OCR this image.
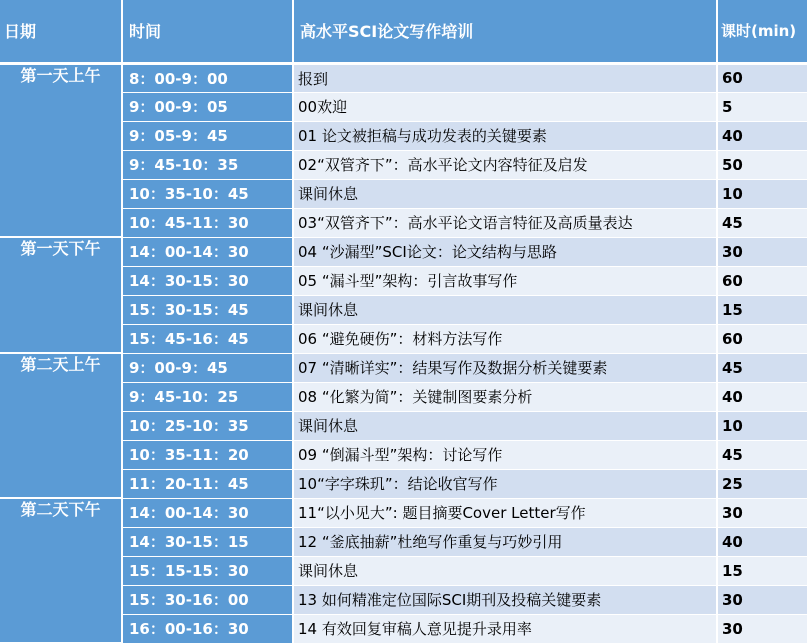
日期	时间	高水平SCI论文写作培训	课时(min)

第一天上午	8：00-9：00	报到	60
	9：00-9：05	00欢迎	5
	9：05-9：45	01 论文被拒稿与成功发表的关键要素	40
	9：45-10：35	02“双管齐下”：高水平论文内容特征及启发	50
	10：35-10：45	课间休息	10
	10：45-11：30	03“双管齐下”：高水平论文语言特征及高质量表达	45

第一天下午	14：00-14：30	04 “沙漏型”SCI论文：论文结构与思路	30
	14：30-15：30	05 “漏斗型”架构：引言故事写作	60
	15：30-15：45	课间休息	15
	15：45-16：45	06 “避免硬伤”：材料方法写作	60

第二天上午	9：00-9：45	07 “清晰详实”：结果写作及数据分析关键要素	45
	9：45-10：25	08 “化繁为简”：关键制图要素分析	40
	10：25-10：35	课间休息	10
	10：35-11：20	09 “倒漏斗型”架构：讨论写作	45
	11：20-11：45	10“字字珠玑”：结论收官写作	25

第二天下午	14：00-14：30	11“以小见大”: 题目摘要Cover Letter写作	30
	14：30-15：15	12 “釜底抽薪”杜绝写作重复与巧妙引用	40
	15：15-15：30	课间休息	15
	15：30-16：00	13 如何精准定位国际SCI期刊及投稿关键要素	30
	16：00-16：30	14 有效回复审稿人意见提升录用率	30
